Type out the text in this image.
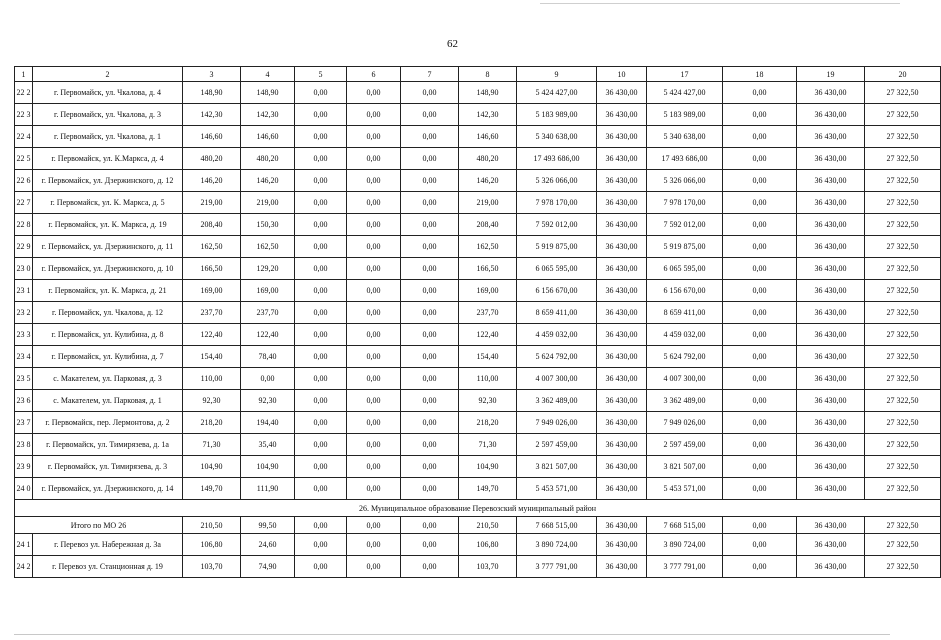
62
1	2	3	4	5	6	7	8	9	10	17	18	19	20
22 2	г. Первомайск, ул. Чкалова, д. 4	148,90	148,90	0,00	0,00	0,00	148,90	5 424 427,00	36 430,00	5 424 427,00	0,00	36 430,00	27 322,50
22 3	г. Первомайск, ул. Чкалова, д. 3	142,30	142,30	0,00	0,00	0,00	142,30	5 183 989,00	36 430,00	5 183 989,00	0,00	36 430,00	27 322,50
22 4	г. Первомайск, ул. Чкалова, д. 1	146,60	146,60	0,00	0,00	0,00	146,60	5 340 638,00	36 430,00	5 340 638,00	0,00	36 430,00	27 322,50
22 5	г. Первомайск, ул. К.Маркса, д. 4	480,20	480,20	0,00	0,00	0,00	480,20	17 493 686,00	36 430,00	17 493 686,00	0,00	36 430,00	27 322,50
22 6	г. Первомайск, ул. Дзержинского, д. 12	146,20	146,20	0,00	0,00	0,00	146,20	5 326 066,00	36 430,00	5 326 066,00	0,00	36 430,00	27 322,50
22 7	г. Первомайск, ул. К. Маркса, д. 5	219,00	219,00	0,00	0,00	0,00	219,00	7 978 170,00	36 430,00	7 978 170,00	0,00	36 430,00	27 322,50
22 8	г. Первомайск, ул. К. Маркса, д. 19	208,40	150,30	0,00	0,00	0,00	208,40	7 592 012,00	36 430,00	7 592 012,00	0,00	36 430,00	27 322,50
22 9	г. Первомайск, ул. Дзержинского, д. 11	162,50	162,50	0,00	0,00	0,00	162,50	5 919 875,00	36 430,00	5 919 875,00	0,00	36 430,00	27 322,50
23 0	г. Первомайск, ул. Дзержинского, д. 10	166,50	129,20	0,00	0,00	0,00	166,50	6 065 595,00	36 430,00	6 065 595,00	0,00	36 430,00	27 322,50
23 1	г. Первомайск, ул. К. Маркса, д. 21	169,00	169,00	0,00	0,00	0,00	169,00	6 156 670,00	36 430,00	6 156 670,00	0,00	36 430,00	27 322,50
23 2	г. Первомайск, ул. Чкалова, д. 12	237,70	237,70	0,00	0,00	0,00	237,70	8 659 411,00	36 430,00	8 659 411,00	0,00	36 430,00	27 322,50
23 3	г. Первомайск, ул. Кулибина, д. 8	122,40	122,40	0,00	0,00	0,00	122,40	4 459 032,00	36 430,00	4 459 032,00	0,00	36 430,00	27 322,50
23 4	г. Первомайск, ул. Кулибина, д. 7	154,40	78,40	0,00	0,00	0,00	154,40	5 624 792,00	36 430,00	5 624 792,00	0,00	36 430,00	27 322,50
23 5	с. Макателем, ул. Парковая, д. 3	110,00	0,00	0,00	0,00	0,00	110,00	4 007 300,00	36 430,00	4 007 300,00	0,00	36 430,00	27 322,50
23 6	с. Макателем, ул. Парковая, д. 1	92,30	92,30	0,00	0,00	0,00	92,30	3 362 489,00	36 430,00	3 362 489,00	0,00	36 430,00	27 322,50
23 7	г. Первомайск, пер. Лермонтова, д. 2	218,20	194,40	0,00	0,00	0,00	218,20	7 949 026,00	36 430,00	7 949 026,00	0,00	36 430,00	27 322,50
23 8	г. Первомайск, ул. Тимирязева, д. 1а	71,30	35,40	0,00	0,00	0,00	71,30	2 597 459,00	36 430,00	2 597 459,00	0,00	36 430,00	27 322,50
23 9	г. Первомайск, ул. Тимирязева, д. 3	104,90	104,90	0,00	0,00	0,00	104,90	3 821 507,00	36 430,00	3 821 507,00	0,00	36 430,00	27 322,50
24 0	г. Первомайск, ул. Дзержинского, д. 14	149,70	111,90	0,00	0,00	0,00	149,70	5 453 571,00	36 430,00	5 453 571,00	0,00	36 430,00	27 322,50
26. Муниципальное образование Перевозский муниципальный район													
Итого по МО 26		210,50	99,50	0,00	0,00	0,00	210,50	7 668 515,00	36 430,00	7 668 515,00	0,00	36 430,00	27 322,50
24 1	г. Перевоз ул. Набережная д. 3а	106,80	24,60	0,00	0,00	0,00	106,80	3 890 724,00	36 430,00	3 890 724,00	0,00	36 430,00	27 322,50
24 2	г. Перевоз ул. Станционная д. 19	103,70	74,90	0,00	0,00	0,00	103,70	3 777 791,00	36 430,00	3 777 791,00	0,00	36 430,00	27 322,50
